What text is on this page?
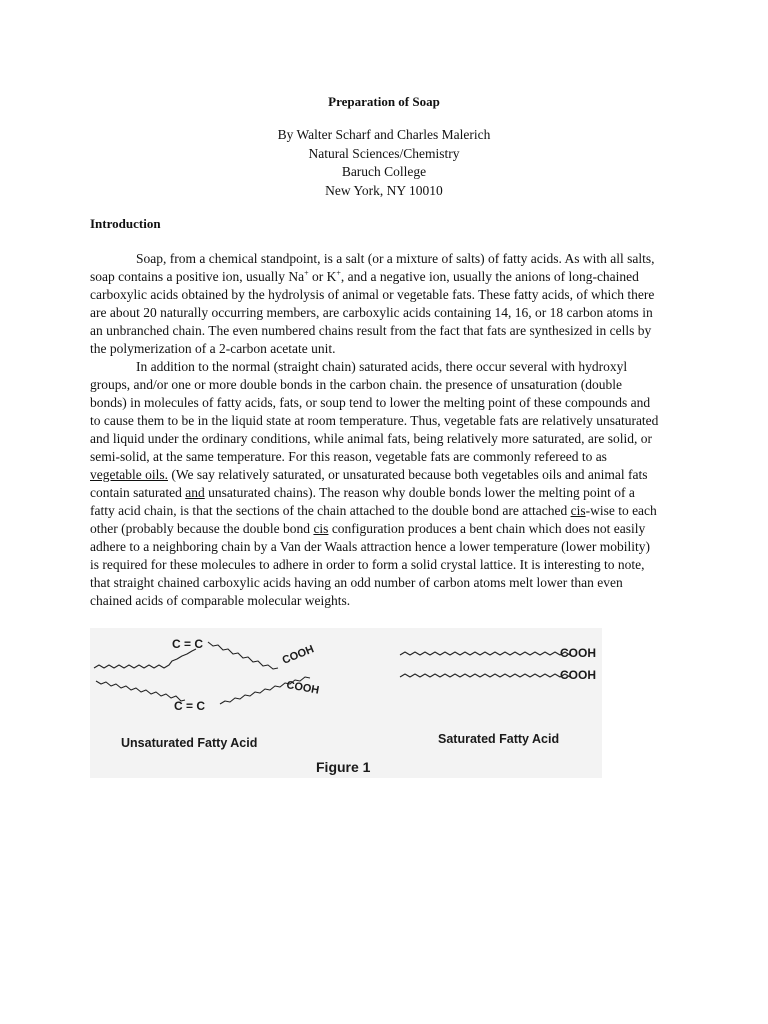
Preparation of Soap
By Walter Scharf and Charles Malerich
Natural Sciences/Chemistry
Baruch College
New York, NY 10010
Introduction

Soap, from a chemical standpoint, is a salt (or a mixture of salts) of fatty acids. As with all salts, soap contains a positive ion, usually Na+ or K+, and a negative ion, usually the anions of long-chained carboxylic acids obtained by the hydrolysis of animal or vegetable fats. These fatty acids, of which there are about 20 naturally occurring members, are carboxylic acids containing 14, 16, or 18 carbon atoms in an unbranched chain. The even numbered chains result from the fact that fats are synthesized in cells by the polymerization of a 2-carbon acetate unit.

In addition to the normal (straight chain) saturated acids, there occur several with hydroxyl groups, and/or one or more double bonds in the carbon chain. the presence of unsaturation (double bonds) in molecules of fatty acids, fats, or soup tend to lower the melting point of these compounds and to cause them to be in the liquid state at room temperature. Thus, vegetable fats are relatively unsaturated and liquid under the ordinary conditions, while animal fats, being relatively more saturated, are solid, or semi-solid, at the same temperature. For this reason, vegetable fats are commonly refereed to as vegetable oils. (We say relatively saturated, or unsaturated because both vegetables oils and animal fats contain saturated and unsaturated chains). The reason why double bonds lower the melting point of a fatty acid chain, is that the sections of the chain attached to the double bond are attached cis-wise to each other (probably because the double bond cis configuration produces a bent chain which does not easily adhere to a neighboring chain by a Van der Waals attraction hence a lower temperature (lower mobility) is required for these molecules to adhere in order to form a solid crystal lattice. It is interesting to note, that straight chained carboxylic acids having an odd number of carbon atoms melt lower than even chained acids of comparable molecular weights.

C = C
C = C
COOH
COOH
COOH
COOH
Unsaturated Fatty Acid	Saturated Fatty Acid
Figure 1
